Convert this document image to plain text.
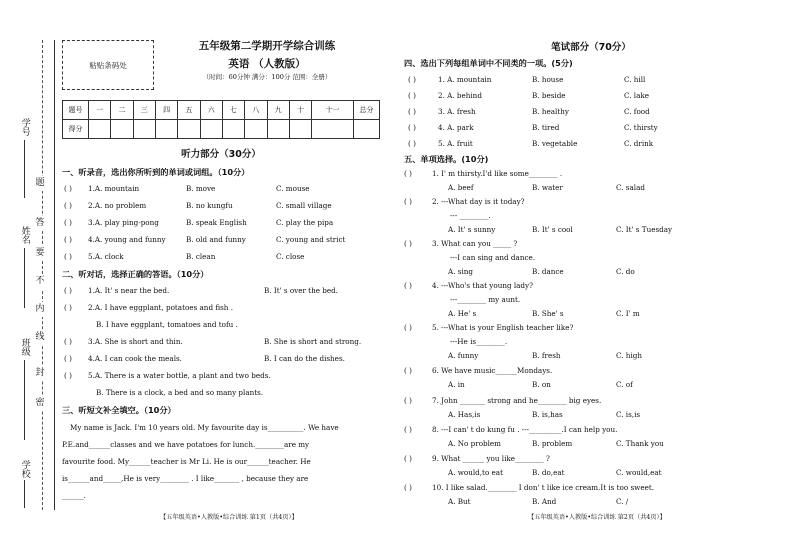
学号
姓名
班级
学校
题
答
要
不
内
线
封
密
粘贴条码处
五年级第二学期开学综合训练
英语 （人教版）
（时间：60分钟 满分：100分 范围：全册）
题号	一	二	三	四	五	六	七	八	九	十	十一	总分
得分												
听力部分（30分）
一、听录音，选出你所听到的单词或词组。（10分）
( ) 1.A. mountain	B. move	C. mouse
( ) 2.A. no problem	B. no kungfu	C. small village
( ) 3.A. play ping-pong	B. speak English	C. play the pipa
( ) 4.A. young and funny	B. old and funny	C. young and strict
( ) 5.A. clock	B. clean	C. close
二、听对话，选择正确的答语。（10分）
( ) 1.A. It' s near the bed.	B. It' s over the bed.
( ) 2.A. I have eggplant, potatoes and fish .
B. I have eggplant, tomatoes and tofu .
( ) 3.A. She is short and thin.	B. She is short and strong.
( ) 4.A. I can cook the meals.	B. I can do the dishes.
( ) 5.A. There is a water bottle, a plant and two beds.
B. There is a clock, a bed and so many plants.
三、听短文补全填空。（10分）
My name is Jack. I'm 10 years old. My favourite day is__________. We have
P.E.and______classes and we have potatoes for lunch.________are my
favourite food. My______teacher is Mr Li. He is our______teacher. He
is______and_____,He is very________ . I like_______ , because they are
______.
笔试部分（70分）
四、选出下列每组单词中不同类的一项。(5分)
( )	1. A. mountain	B. house	C. hill
( )	2. A. behind	B. beside	C. lake
( )	3. A. fresh	B. healthy	C. food
( )	4. A. park	B. tired	C. thirsty
( )	5. A. fruit	B. vegetable	C. drink
五、单项选择。(10分)
( )	1. I' m thirsty.I'd like some________ .
A. beef	B. water	C. salad
( )	2. ---What day is it today?
--- ________.
A. It' s sunny	B. It' s cool	C. It' s Tuesday
( )	3. What can you _____ ?
---I can sing and dance.
A. sing	B. dance	C. do
( )	4. ---Who's that young lady?
---________ my aunt.
A. He' s	B. She' s	C. I' m
( )	5. ---What is your English teacher like?
---He is________.
A. funny	B. fresh	C. high
( )	6. We have music______Mondays.
A. in	B. on	C. of
( )	7. John _______ strong and he________ big eyes.
A. Has,is	B. is,has	C. is,is
( )	8. ---I can' t do kung fu . ---_________.I can help you.
A. No problem	B. problem	C. Thank you
( )	9. What ______ you like________ ?
A. would,to eat	B. do,eat	C. would,eat
( )	10. I like salad.________ I don' t like ice cream.It is too sweet.
A. But	B. And	C. /
【五年级英语•人教版•综合训练 第1页（共4页）】	【五年级英语•人教版•综合训练 第2页（共4页）】
